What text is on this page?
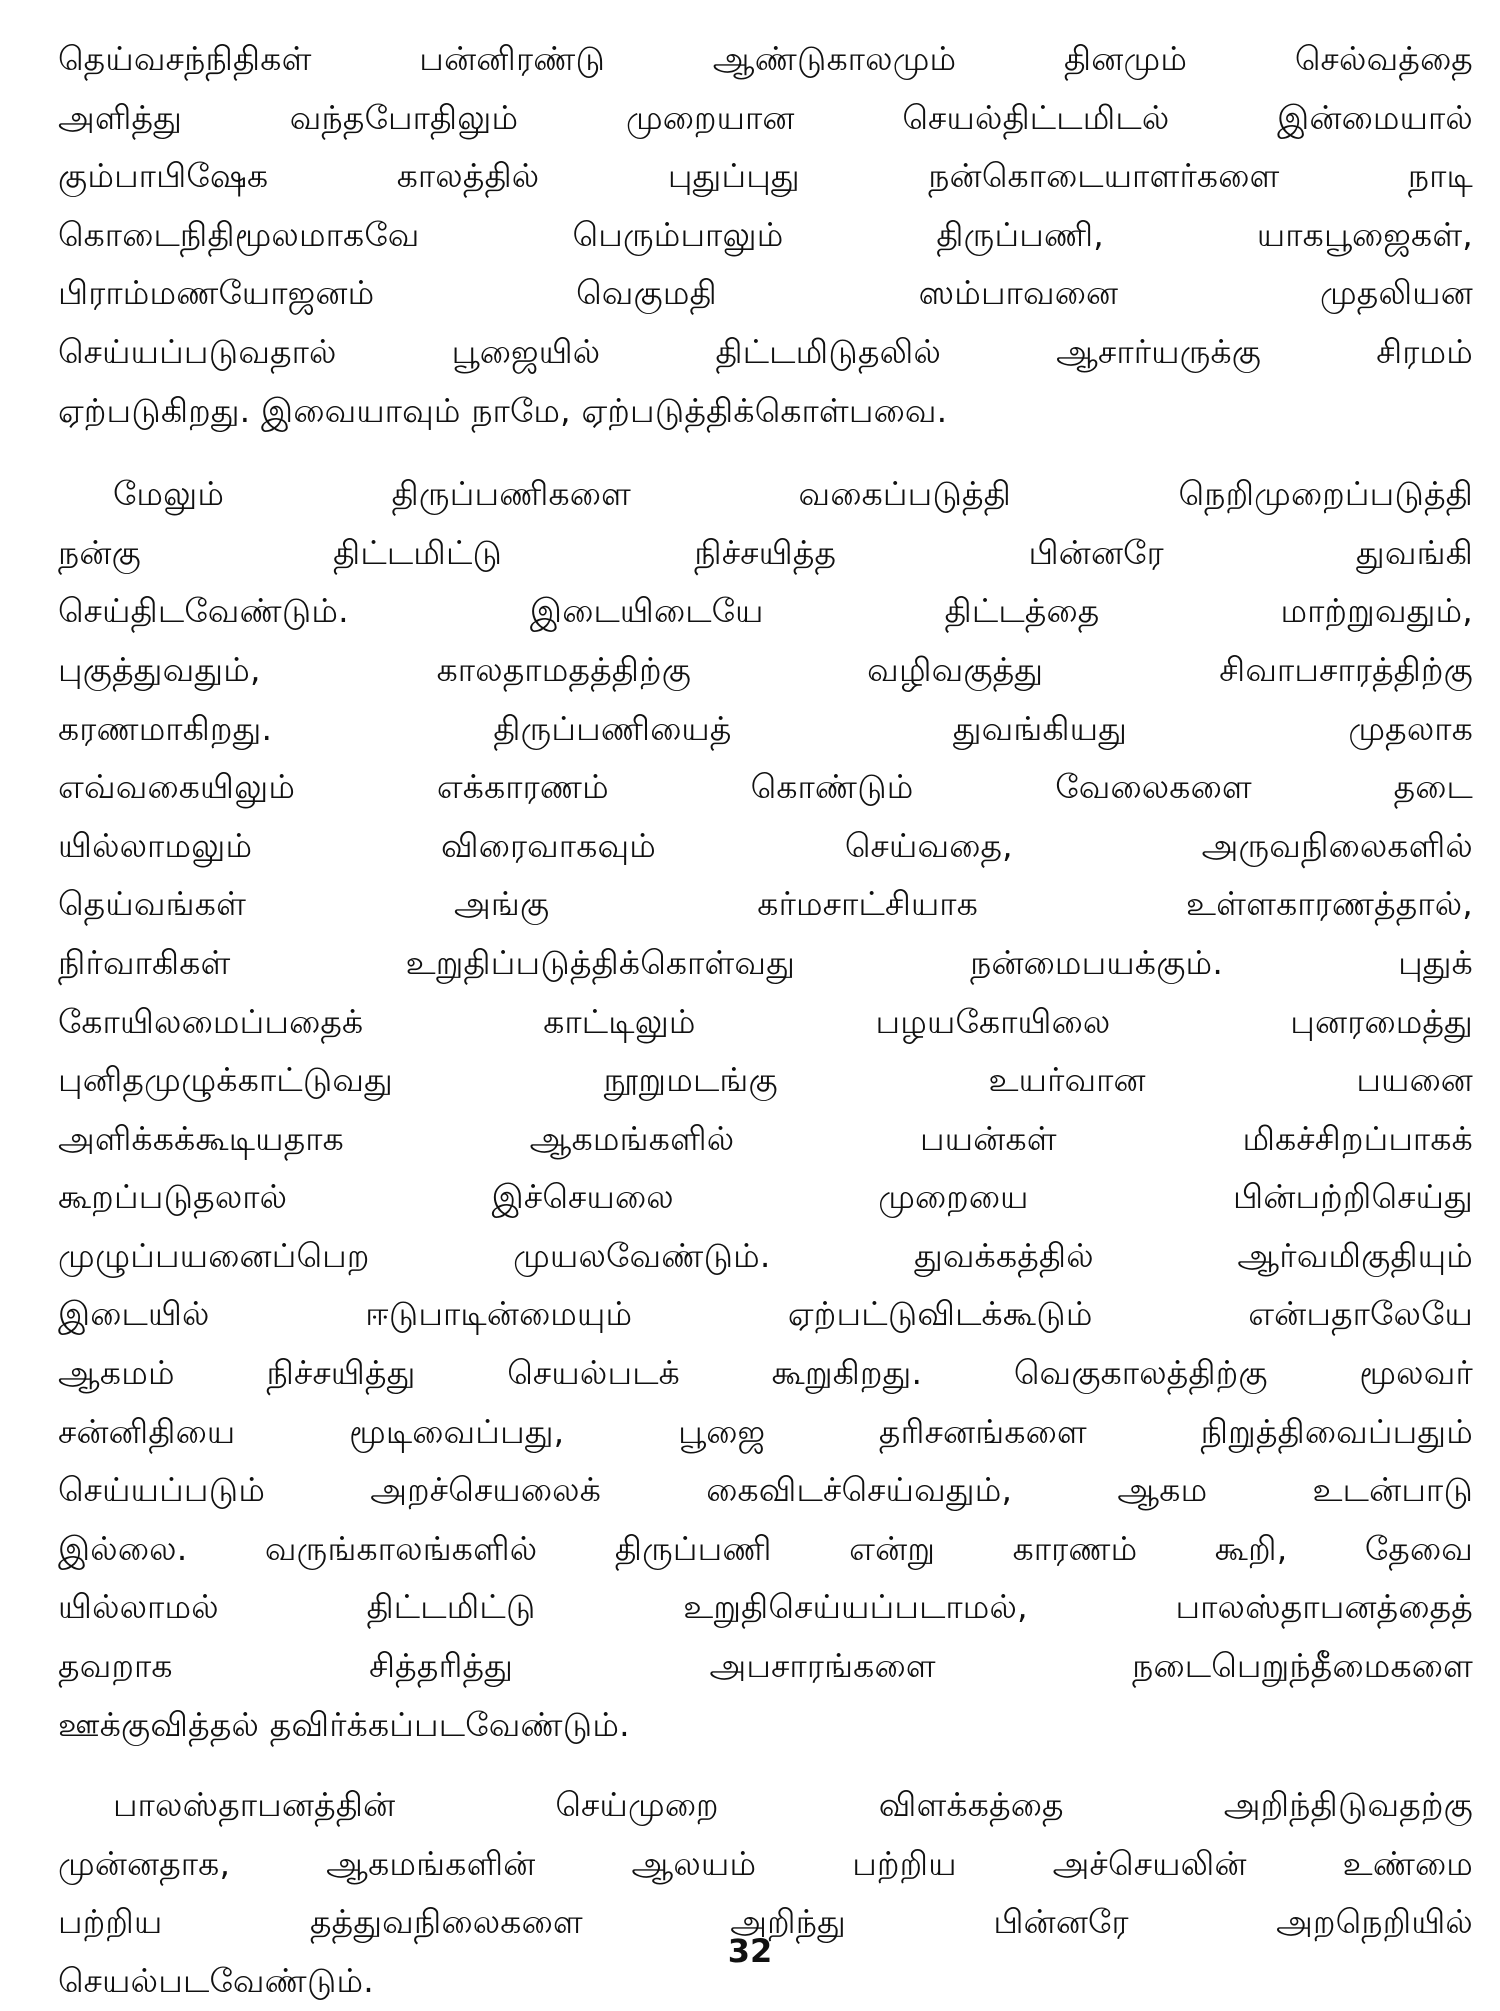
தெய்வசந்நிதிகள் பன்னிரண்டு ஆண்டுகாலமும் தினமும் செல்வத்தை
அளித்து வந்தபோதிலும் முறையான செயல்திட்டமிடல் இன்மையால்
கும்பாபிஷேக காலத்தில் புதுப்புது நன்கொடையாளர்களை நாடி
கொடைநிதிமூலமாகவே பெரும்பாலும் திருப்பணி, யாகபூஜைகள்,
பிராம்மணயோஜனம் வெகுமதி ஸம்பாவனை முதலியன
செய்யப்படுவதால் பூஜையில் திட்டமிடுதலில் ஆசார்யருக்கு சிரமம்
ஏற்படுகிறது. இவையாவும் நாமே, ஏற்படுத்திக்கொள்பவை.
மேலும் திருப்பணிகளை வகைப்படுத்தி நெறிமுறைப்படுத்தி
நன்கு திட்டமிட்டு நிச்சயித்த பின்னரே துவங்கி
செய்திடவேண்டும். இடையிடையே திட்டத்தை மாற்றுவதும்,
புகுத்துவதும், காலதாமதத்திற்கு வழிவகுத்து சிவாபசாரத்திற்கு
கரணமாகிறது. திருப்பணியைத் துவங்கியது முதலாக
எவ்வகையிலும் எக்காரணம் கொண்டும் வேலைகளை தடை
யில்லாமலும் விரைவாகவும் செய்வதை, அருவநிலைகளில்
தெய்வங்கள் அங்கு கர்மசாட்சியாக உள்ளகாரணத்தால்,
நிர்வாகிகள் உறுதிப்படுத்திக்கொள்வது நன்மைபயக்கும். புதுக்
கோயிலமைப்பதைக் காட்டிலும் பழயகோயிலை புனரமைத்து
புனிதமுழுக்காட்டுவது நூறுமடங்கு உயர்வான பயனை
அளிக்கக்கூடியதாக ஆகமங்களில் பயன்கள் மிகச்சிறப்பாகக்
கூறப்படுதலால் இச்செயலை முறையை பின்பற்றிசெய்து
முழுப்பயனைப்பெற முயலவேண்டும். துவக்கத்தில் ஆர்வமிகுதியும்
இடையில் ஈடுபாடின்மையும் ஏற்பட்டுவிடக்கூடும் என்பதாலேயே
ஆகமம் நிச்சயித்து செயல்படக் கூறுகிறது. வெகுகாலத்திற்கு மூலவர்
சன்னிதியை மூடிவைப்பது, பூஜை தரிசனங்களை நிறுத்திவைப்பதும்
செய்யப்படும் அறச்செயலைக் கைவிடச்செய்வதும், ஆகம உடன்பாடு
இல்லை. வருங்காலங்களில் திருப்பணி என்று காரணம் கூறி, தேவை
யில்லாமல் திட்டமிட்டு உறுதிசெய்யப்படாமல், பாலஸ்தாபனத்தைத்
தவறாக சித்தரித்து அபசாரங்களை நடைபெறுந்தீமைகளை
ஊக்குவித்தல் தவிர்க்கப்படவேண்டும்.
பாலஸ்தாபனத்தின் செய்முறை விளக்கத்தை அறிந்திடுவதற்கு
முன்னதாக, ஆகமங்களின் ஆலயம் பற்றிய அச்செயலின் உண்மை
பற்றிய தத்துவநிலைகளை அறிந்து பின்னரே அறநெறியில்
செயல்படவேண்டும்.
32
